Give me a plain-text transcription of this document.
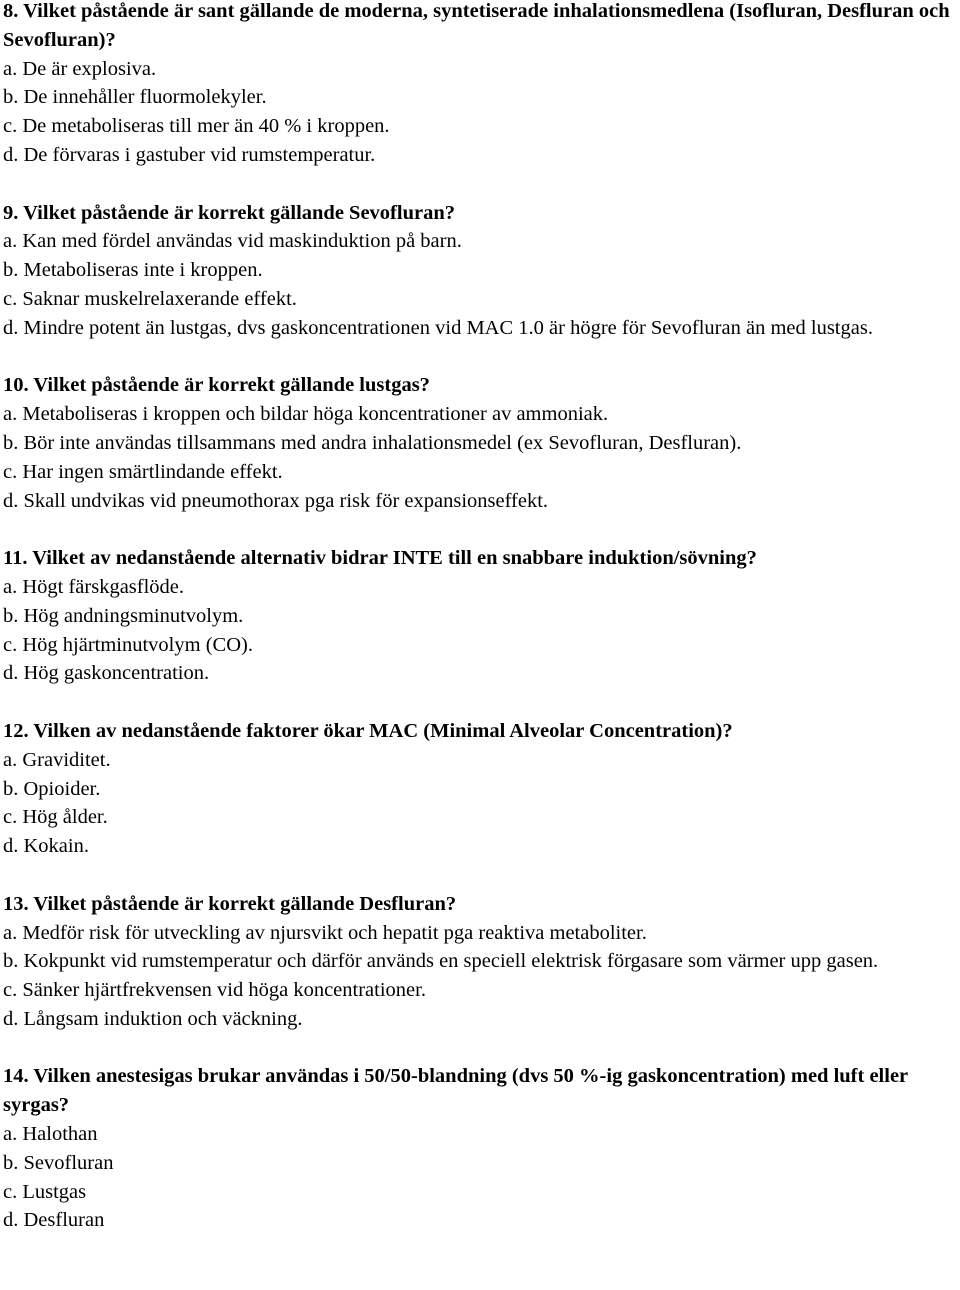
8. Vilket påstående är sant gällande de moderna, syntetiserade inhalationsmedlena (Isofluran, Desfluran och Sevofluran)?

a. De är explosiva.

b. De innehåller fluormolekyler.

c. De metaboliseras till mer än 40 % i kroppen.

d. De förvaras i gastuber vid rumstemperatur.

9. Vilket påstående är korrekt gällande Sevofluran?

a. Kan med fördel användas vid maskinduktion på barn.

b. Metaboliseras inte i kroppen.

c. Saknar muskelrelaxerande effekt.

d. Mindre potent än lustgas, dvs gaskoncentrationen vid MAC 1.0 är högre för Sevofluran än med lustgas.

10. Vilket påstående är korrekt gällande lustgas?

a. Metaboliseras i kroppen och bildar höga koncentrationer av ammoniak.

b. Bör inte användas tillsammans med andra inhalationsmedel (ex Sevofluran, Desfluran).

c. Har ingen smärtlindande effekt.

d. Skall undvikas vid pneumothorax pga risk för expansionseffekt.

11. Vilket av nedanstående alternativ bidrar INTE till en snabbare induktion/sövning?

a. Högt färskgasflöde.

b. Hög andningsminutvolym.

c. Hög hjärtminutvolym (CO).

d. Hög gaskoncentration.

12. Vilken av nedanstående faktorer ökar MAC (Minimal Alveolar Concentration)?

a. Graviditet.

b. Opioider.

c. Hög ålder.

d. Kokain.

13. Vilket påstående är korrekt gällande Desfluran?

a. Medför risk för utveckling av njursvikt och hepatit pga reaktiva metaboliter.

b. Kokpunkt vid rumstemperatur och därför används en speciell elektrisk förgasare som värmer upp gasen.

c. Sänker hjärtfrekvensen vid höga koncentrationer.

d. Långsam induktion och väckning.

14. Vilken anestesigas brukar användas i 50/50-blandning (dvs 50 %-ig gaskoncentration) med luft eller syrgas?

a. Halothan

b. Sevofluran

c. Lustgas

d. Desfluran
